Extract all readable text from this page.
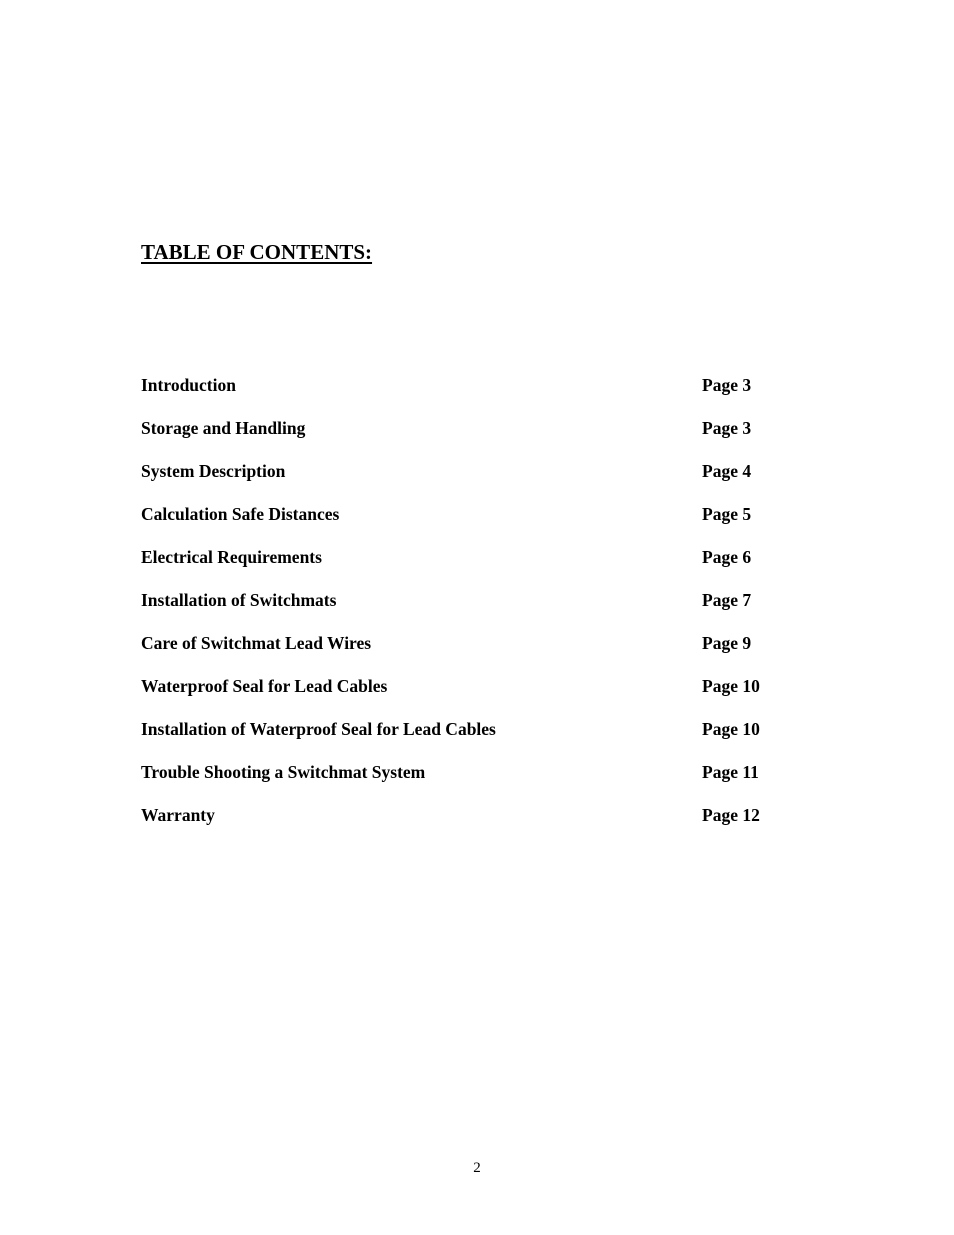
TABLE OF CONTENTS:
Introduction	Page 3
Storage and Handling	Page 3
System Description	Page 4
Calculation Safe Distances	Page 5
Electrical Requirements	Page 6
Installation of Switchmats	Page 7
Care of Switchmat Lead Wires	Page 9
Waterproof Seal for Lead Cables	Page 10
Installation of Waterproof Seal for Lead Cables	Page 10
Trouble Shooting a Switchmat System	Page 11
Warranty	Page 12
2
